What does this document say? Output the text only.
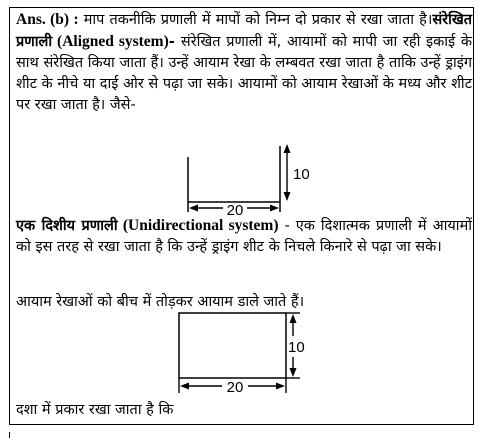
Ans. (b) : माप तकनीकि प्रणाली में मापों को निम्न दो प्रकार से रखा जाता है।संरेखित प्रणाली (Aligned system)- संरेखित प्रणाली में, आयामों को मापी जा रही इकाई के साथ संरेखित किया जाता हैं। उन्हें आयाम रेखा के लम्बवत रखा जाता है ताकि उन्हें ड्राइंग शीट के नीचे या दाई ओर से पढ़ा जा सके। आयामों को आयाम रेखाओं के मध्य और शीट पर रखा जाता है। जैसे-

20
10

एक दिशीय प्रणाली (Unidirectional system) - एक दिशात्मक प्रणाली में आयामों को इस तरह से रखा जाता है कि उन्हें ड्राइंग शीट के निचले किनारे से पढ़ा जा सके।

आयाम रेखाओं को बीच में तोड़कर आयाम डाले जाते हैं।

20
10

दशा में प्रकार रखा जाता है कि
